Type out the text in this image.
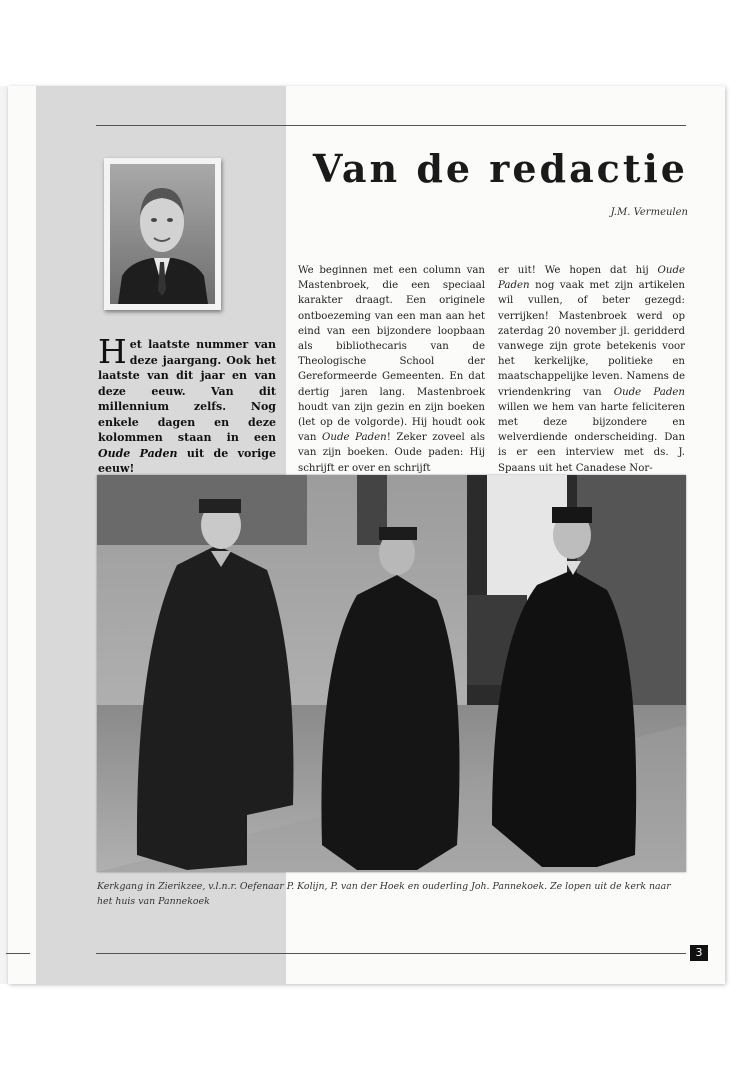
Het laatste nummer van deze jaargang. Ook het laatste van dit jaar en van deze eeuw. Van dit millennium zelfs. Nog enkele dagen en deze kolommen staan in een Oude Paden uit de vorige eeuw!
Van de redactie
J.M. Vermeulen
We beginnen met een column van Mastenbroek, die een speciaal karakter draagt. Een originele ontboezeming van een man aan het eind van een bijzondere loopbaan als bibliothecaris van de Theologische School der Gereformeerde Gemeenten. En dat dertig jaren lang. Mastenbroek houdt van zijn gezin en zijn boeken (let op de volgorde). Hij houdt ook van Oude Paden! Zeker zoveel als van zijn boeken. Oude paden: Hij schrijft er over en schrijft
er uit! We hopen dat hij Oude Paden nog vaak met zijn artikelen wil vullen, of beter gezegd: verrijken! Mastenbroek werd op zaterdag 20 november jl. geridderd vanwege zijn grote betekenis voor het kerkelijke, politieke en maatschappelijke leven. Namens de vriendenkring van Oude Paden willen we hem van harte feliciteren met deze bijzondere en welverdiende onderscheiding. Dan is er een interview met ds. J. Spaans uit het Canadese Nor-
Kerkgang in Zierikzee, v.l.n.r. Oefenaar P. Kolijn, P. van der Hoek en ouderling Joh. Pannekoek. Ze lopen uit de kerk naar het huis van Pannekoek
3
